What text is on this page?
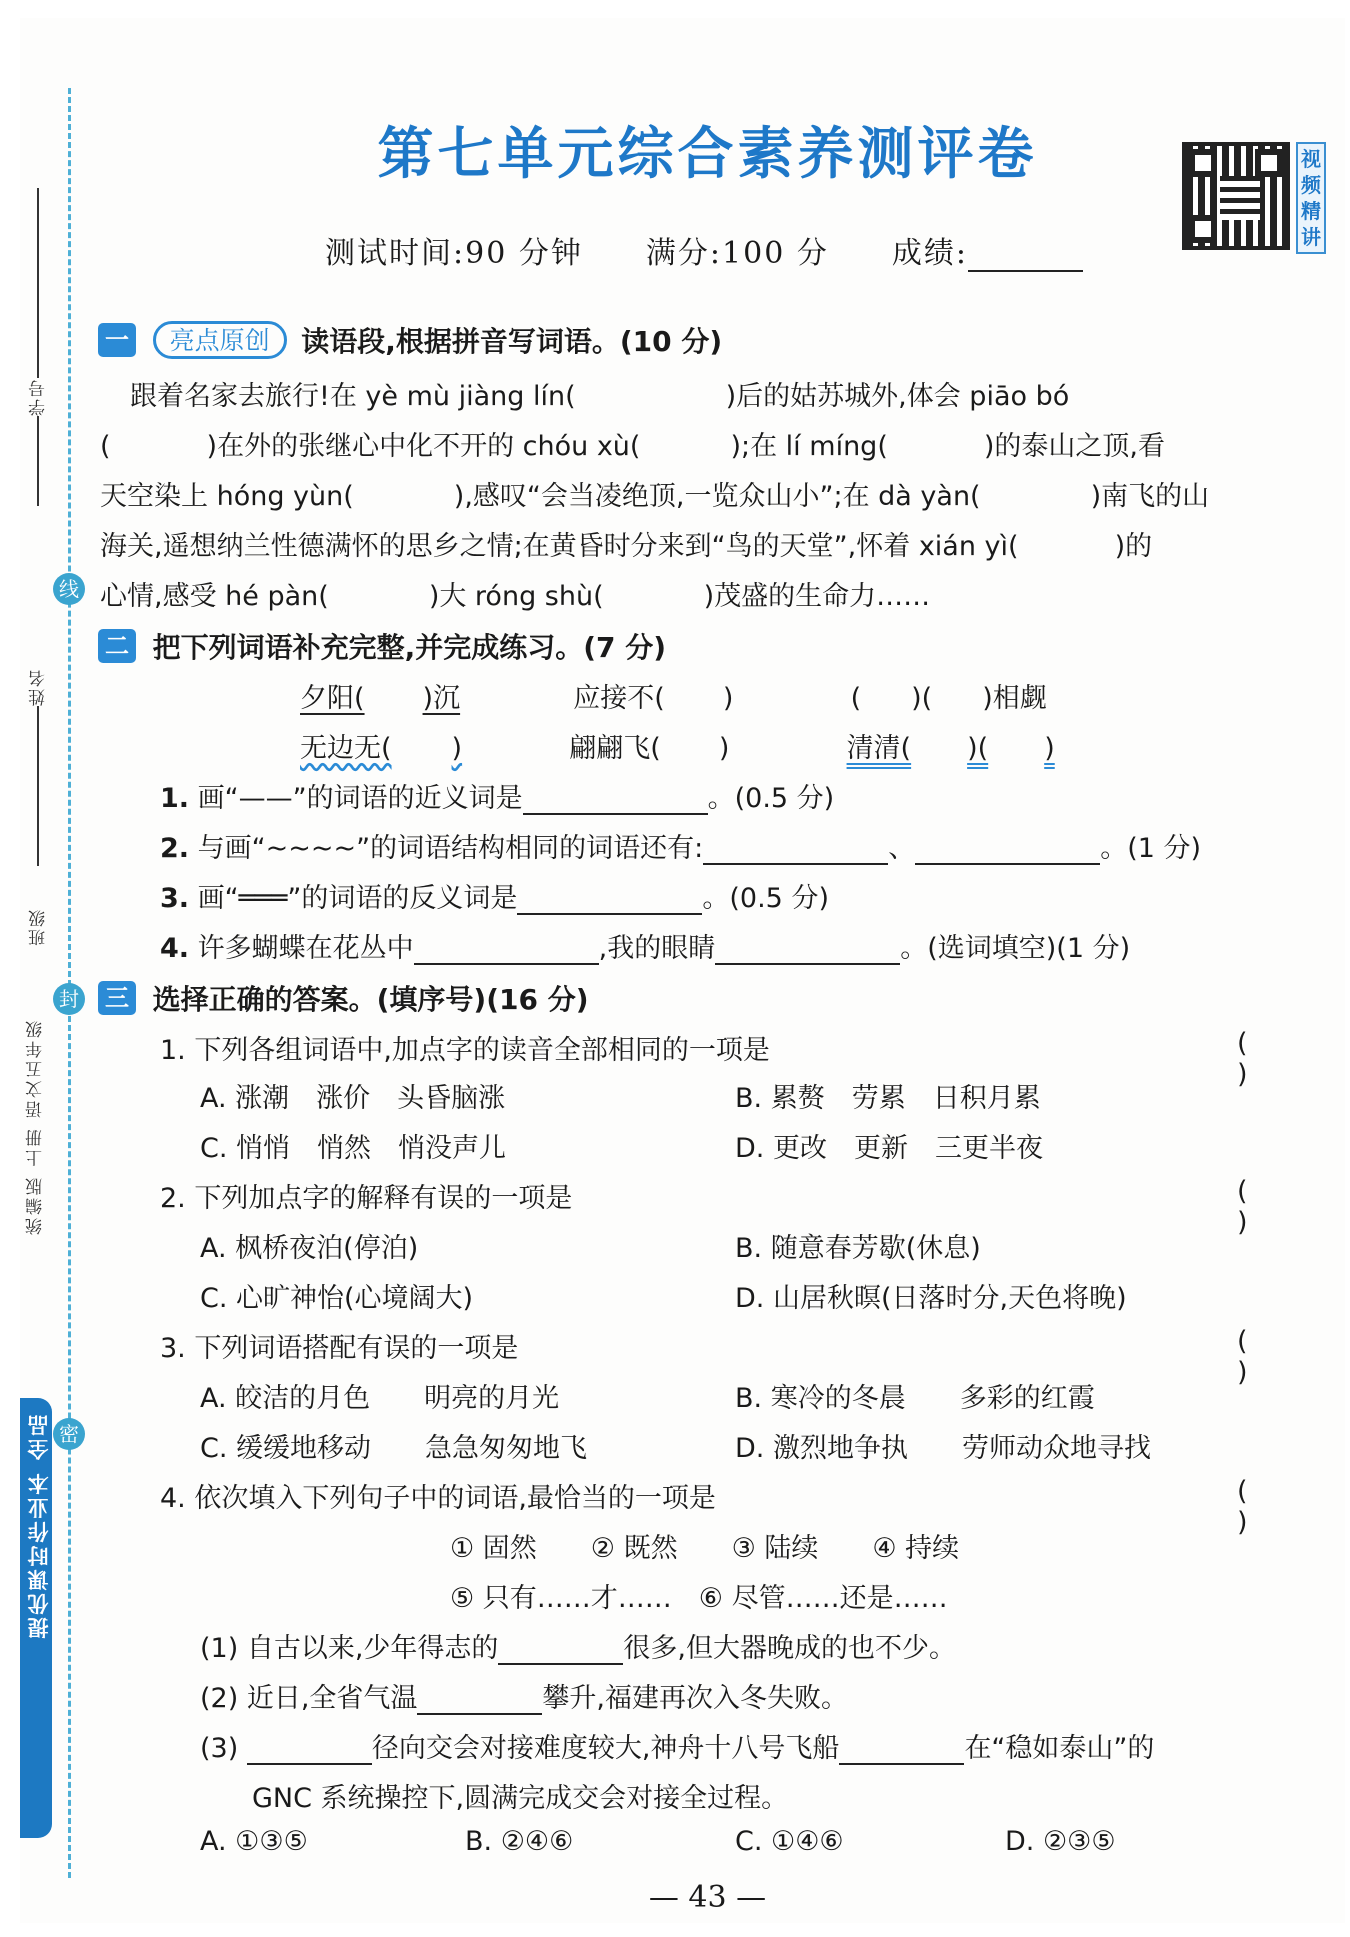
线
封
密
学号
姓名
班级
统编版 上册 语文五年级
提优课时作业本 全品
第七单元综合素养测评卷	视频精讲
测试时间:90 分钟 满分:100 分 成绩:
一 亮点原创 读语段,根据拼音写词语。(10 分)
跟着名家去旅行!在 yè mù jiàng lín(	)后的姑苏城外,体会 piāo bó
(	)在外的张继心中化不开的 chóu xù(	);在 lí míng(	)的泰山之顶,看
天空染上 hóng yùn(	),感叹“会当凌绝顶,一览众山小”;在 dà yàn(	)南飞的山
海关,遥想纳兰性德满怀的思乡之情;在黄昏时分来到“鸟的天堂”,怀着 xián yì(	)的
心情,感受 hé pàn(	)大 róng shù(	)茂盛的生命力……
二 把下列词语补充完整,并完成练习。(7 分)
夕阳( )沉	应接不( )	( )( )相觑
无边无( )	翩翩飞( )	清清( )( )
1. 画“——”的词语的近义词是	。(0.5 分)
2. 与画“~~~~”的词语结构相同的词语还有:	、	。(1 分)
3. 画“═══”的词语的反义词是	。(0.5 分)
4. 许多蝴蝶在花丛中	,我的眼睛	。(选词填空)(1 分)
三 选择正确的答案。(填序号)(16 分)
1. 下列各组词语中,加点字的读音全部相同的一项是	( )
A. 涨潮　涨价　头昏脑涨	B. 累赘　劳累　日积月累
C. 悄悄　悄然　悄没声儿	D. 更改　更新　三更半夜
2. 下列加点字的解释有误的一项是	( )
A. 枫桥夜泊(停泊)	B. 随意春芳歇(休息)
C. 心旷神怡(心境阔大)	D. 山居秋暝(日落时分,天色将晚)
3. 下列词语搭配有误的一项是	( )
A. 皎洁的月色　　明亮的月光	B. 寒冷的冬晨　　多彩的红霞
C. 缓缓地移动　　急急匆匆地飞	D. 激烈地争执　　劳师动众地寻找
4. 依次填入下列句子中的词语,最恰当的一项是	( )
① 固然　　② 既然　　③ 陆续　　④ 持续
⑤ 只有……才……　⑥ 尽管……还是……
(1) 自古以来,少年得志的	很多,但大器晚成的也不少。
(2) 近日,全省气温	攀升,福建再次入冬失败。
(3)	径向交会对接难度较大,神舟十八号飞船	在“稳如泰山”的
GNC 系统操控下,圆满完成交会对接全过程。
A. ①③⑤	B. ②④⑥	C. ①④⑥	D. ②③⑤
— 43 —
